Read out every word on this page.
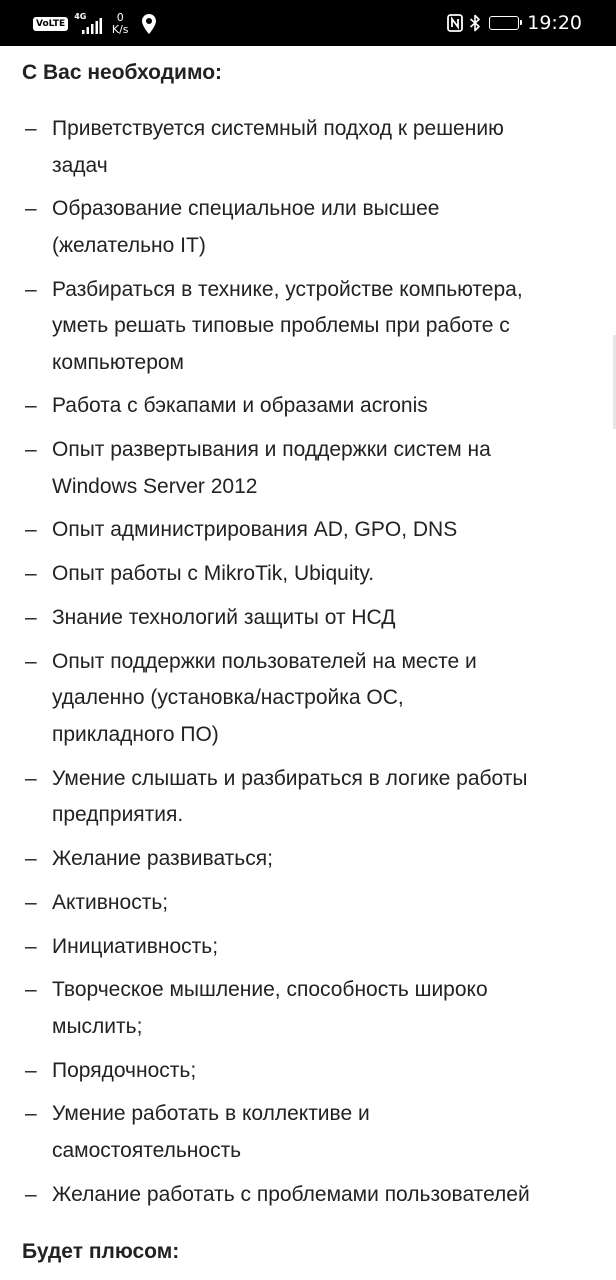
VoLTE
4G	0
K/s
65 19:20
С Вас необходимо:
– Приветствуется системный подход к решению
задач
– Образование специальное или высшее
(желательно IT)
– Разбираться в технике, устройстве компьютера,
уметь решать типовые проблемы при работе с
компьютером
– Работа с бэкапами и образами acronis
– Опыт развертывания и поддержки систем на
Windows Server 2012
– Опыт администрирования AD, GPO, DNS
– Опыт работы с MikroTik, Ubiquity.
– Знание технологий защиты от НСД
– Опыт поддержки пользователей на месте и
удаленно (установка/настройка ОС,
прикладного ПО)
– Умение слышать и разбираться в логике работы
предприятия.
– Желание развиваться;
– Активность;
– Инициативность;
– Творческое мышление, способность широко
мыслить;
– Порядочность;
– Умение работать в коллективе и
самостоятельность
– Желание работать с проблемами пользователей
Будет плюсом:
